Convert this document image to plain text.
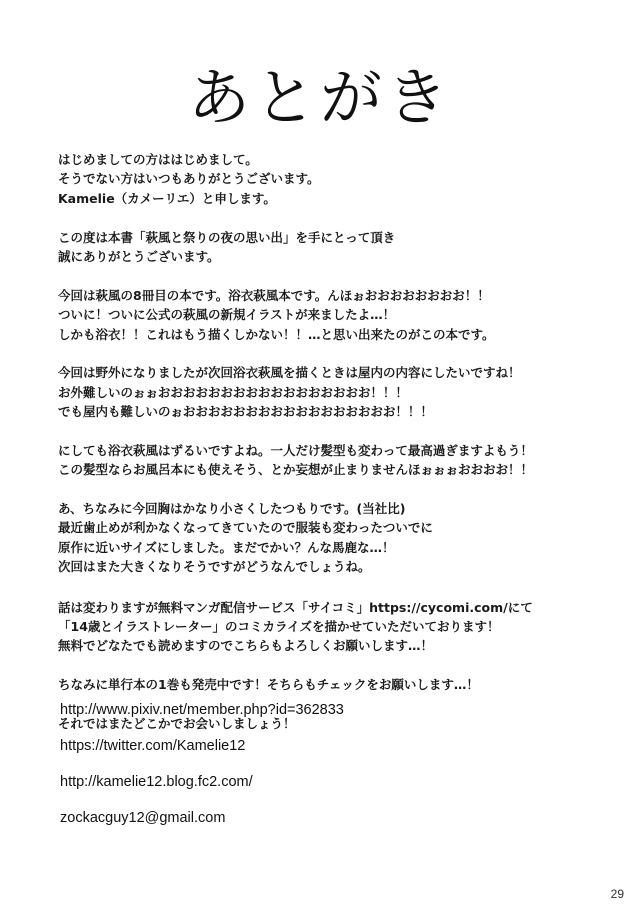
あとがき
はじめましての方ははじめまして。
そうでない方はいつもありがとうございます。
Kamelie（カメーリエ）と申します。
この度は本書「萩風と祭りの夜の思い出」を手にとって頂き
誠にありがとうございます。
今回は萩風の8冊目の本です。浴衣萩風本です。んほぉおおおおおおおお！！
ついに！ついに公式の萩風の新規イラストが来ましたよ…！
しかも浴衣！！これはもう描くしかない！！…と思い出来たのがこの本です。
今回は野外になりましたが次回浴衣萩風を描くときは屋内の内容にしたいですね！
お外難しいのぉぉおおおおおおおおおおおおおおおおお！！！
でも屋内も難しいのぉおおおおおおおおおおおおおおおおお！！！
にしても浴衣萩風はずるいですよね。一人だけ髪型も変わって最高過ぎますよもう！
この髪型ならお風呂本にも使えそう、とか妄想が止まりませんほぉぉぉおおおお！！
あ、ちなみに今回胸はかなり小さくしたつもりです。(当社比)
最近歯止めが利かなくなってきていたので服装も変わったついでに
原作に近いサイズにしました。まだでかい？んな馬鹿な…！
次回はまた大きくなりそうですがどうなんでしょうね。
話は変わりますが無料マンガ配信サービス「サイコミ」https://cycomi.com/にて
「14歳とイラストレーター」のコミカライズを描かせていただいております！
無料でどなたでも読めますのでこちらもよろしくお願いします…！
ちなみに単行本の1巻も発売中です！そちらもチェックをお願いします…！
それではまたどこかでお会いしましょう！
http://www.pixiv.net/member.php?id=362833
https://twitter.com/Kamelie12
http://kamelie12.blog.fc2.com/
zockacguy12@gmail.com
29
